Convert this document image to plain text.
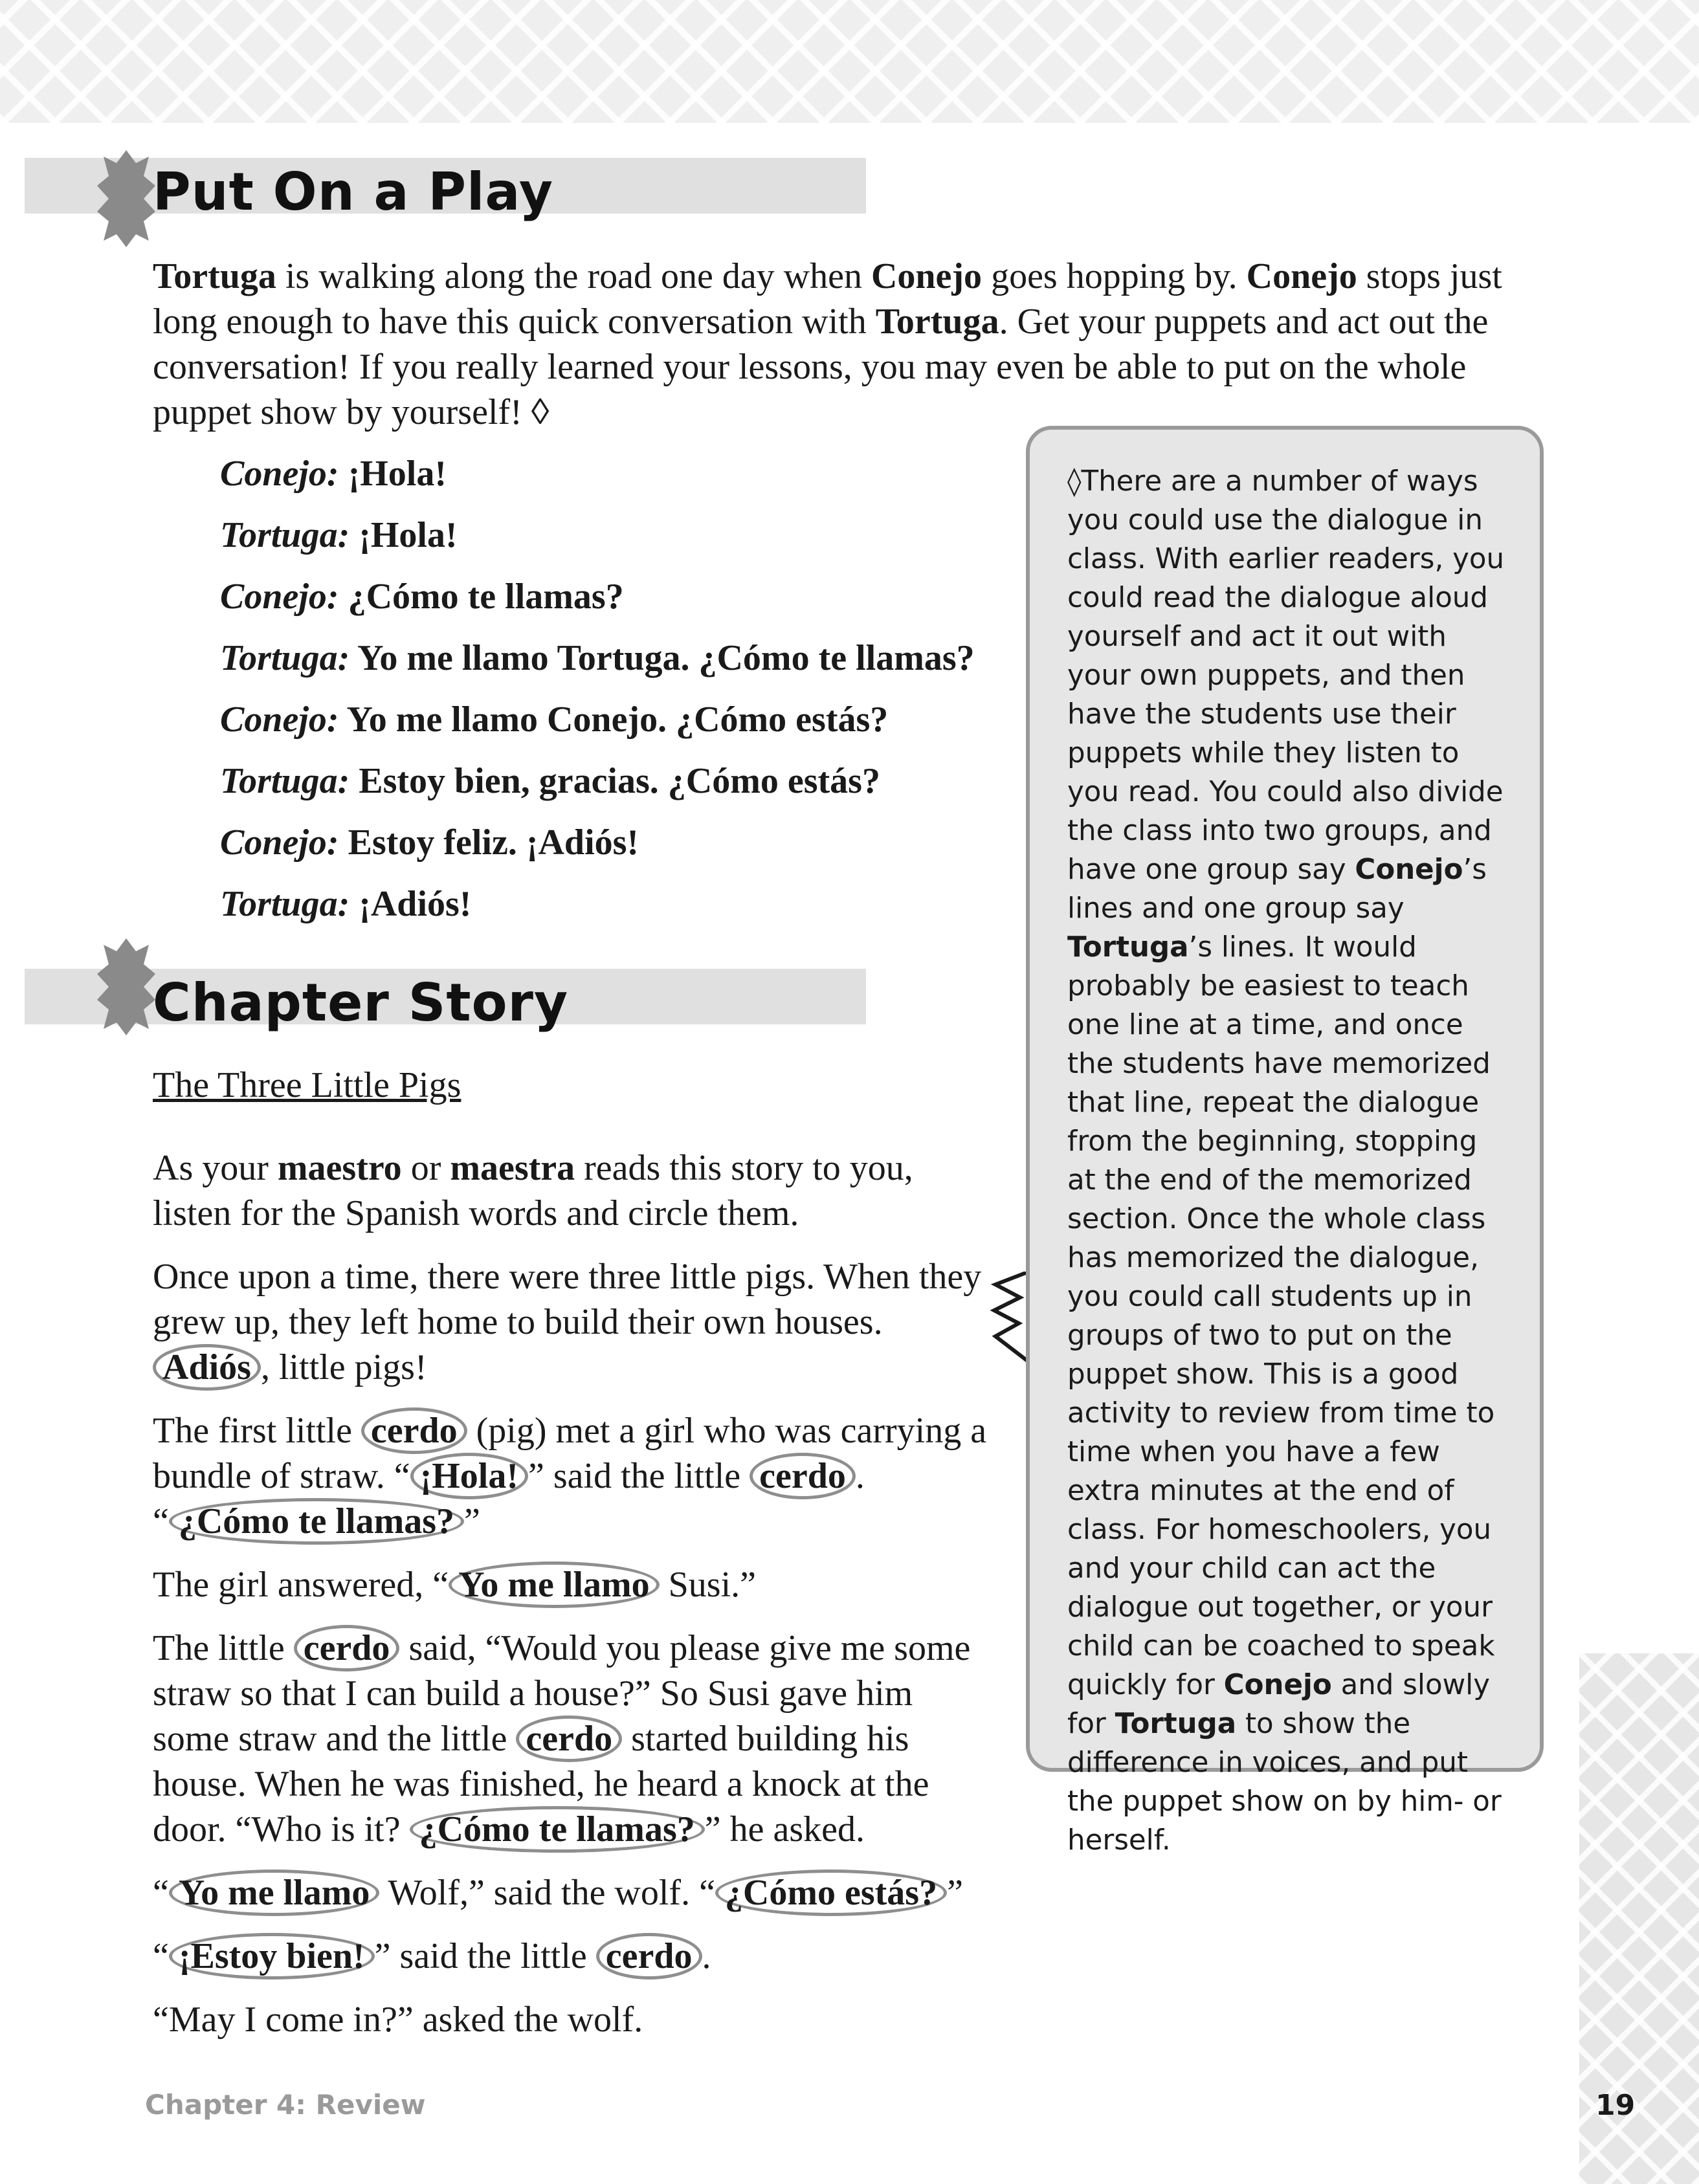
Put On a Play

Tortuga is walking along the road one day when Conejo goes hopping by. Conejo stops just long enough to have this quick conversation with Tortuga. Get your puppets and act out the conversation! If you really learned your lessons, you may even be able to put on the whole puppet show by yourself! ◊

Conejo: ¡Hola!
Tortuga: ¡Hola!
Conejo: ¿Cómo te llamas?
Tortuga: Yo me llamo Tortuga. ¿Cómo te llamas?
Conejo: Yo me llamo Conejo. ¿Cómo estás?
Tortuga: Estoy bien, gracias. ¿Cómo estás?
Conejo: Estoy feliz. ¡Adiós!
Tortuga: ¡Adiós!
Chapter Story
The Three Little Pigs

As your maestro or maestra reads this story to you, listen for the Spanish words and circle them.

Once upon a time, there were three little pigs. When they grew up, they left home to build their own houses. Adiós , little pigs!

The first little cerdo (pig) met a girl who was carrying a bundle of straw. “ ¡Hola! ” said the little cerdo . “ ¿Cómo te llamas? ”

The girl answered, “ Yo me llamo Susi.”

The little cerdo said, “Would you please give me some straw so that I can build a house?” So Susi gave him some straw and the little cerdo started building his house. When he was finished, he heard a knock at the door. “Who is it? ¿Cómo te llamas? ” he asked.

“ Yo me llamo Wolf,” said the wolf. “ ¿Cómo estás? ”

“ ¡Estoy bien! ” said the little cerdo .

“May I come in?” asked the wolf.

◊There are a number of ways you could use the dialogue in class. With earlier readers, you could read the dialogue aloud yourself and act it out with your own puppets, and then have the students use their puppets while they listen to you read. You could also divide the class into two groups, and have one group say Conejo’s lines and one group say Tortuga’s lines. It would probably be easiest to teach one line at a time, and once the students have memorized that line, repeat the dialogue from the beginning, stopping at the end of the memorized section. Once the whole class has memorized the dialogue, you could call students up in groups of two to put on the puppet show. This is a good activity to review from time to time when you have a few extra minutes at the end of class. For homeschoolers, you and your child can act the dialogue out together, or your child can be coached to speak quickly for Conejo and slowly for Tortuga to show the difference in voices, and put the puppet show on by him- or herself.

Chapter 4: Review	19
